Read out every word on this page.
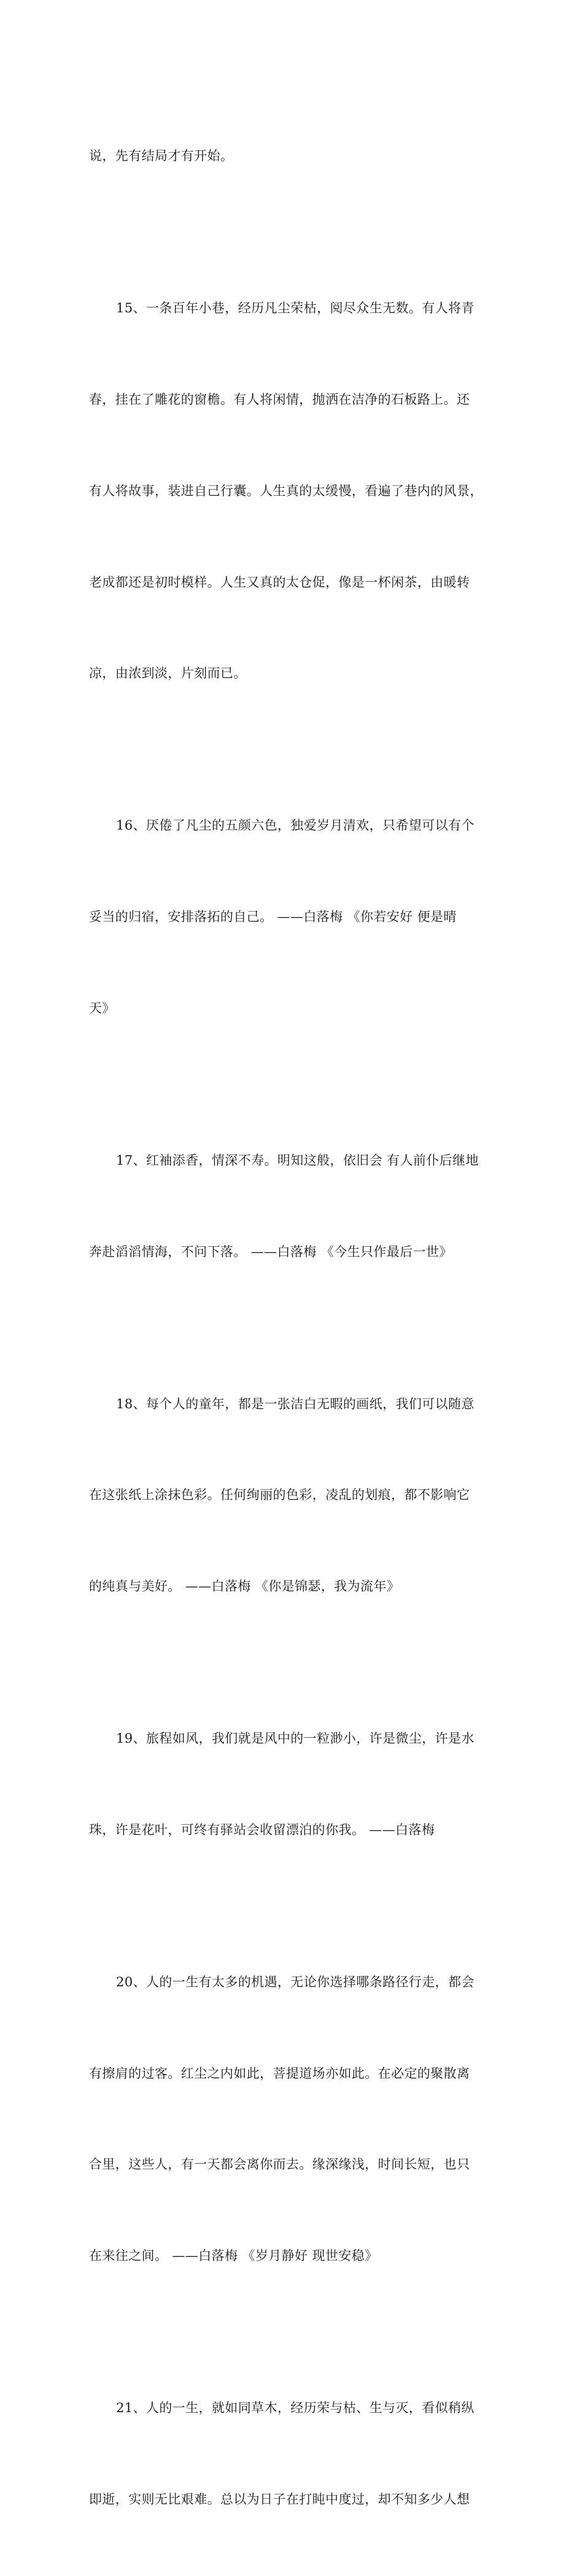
说，先有结局才有开始。

15、一条百年小巷，经历凡尘荣枯，阅尽众生无数。有人将青

春，挂在了雕花的窗檐。有人将闲情，抛洒在洁净的石板路上。还

有人将故事，装进自己行囊。人生真的太缓慢，看遍了巷内的风景，

老成都还是初时模样。人生又真的太仓促，像是一杯闲茶，由暖转

凉，由浓到淡，片刻而已。

16、厌倦了凡尘的五颜六色，独爱岁月清欢，只希望可以有个

妥当的归宿，安排落拓的自己。 ——白落梅 《你若安好 便是晴

天》

17、红袖添香，情深不寿。明知这般，依旧会 有人前仆后继地

奔赴滔滔情海，不问下落。 ——白落梅 《今生只作最后一世》

18、每个人的童年，都是一张洁白无暇的画纸，我们可以随意

在这张纸上涂抹色彩。任何绚丽的色彩，凌乱的划痕，都不影响它

的纯真与美好。 ——白落梅 《你是锦瑟，我为流年》

19、旅程如风，我们就是风中的一粒渺小，许是微尘，许是水

珠，许是花叶，可终有驿站会收留漂泊的你我。 ——白落梅

20、人的一生有太多的机遇，无论你选择哪条路径行走，都会

有擦肩的过客。红尘之内如此，菩提道场亦如此。在必定的聚散离

合里，这些人，有一天都会离你而去。缘深缘浅，时间长短，也只

在来往之间。 ——白落梅 《岁月静好 现世安稳》

21、人的一生，就如同草木，经历荣与枯、生与灭，看似稍纵

即逝，实则无比艰难。总以为日子在打盹中度过，却不知多少人想
